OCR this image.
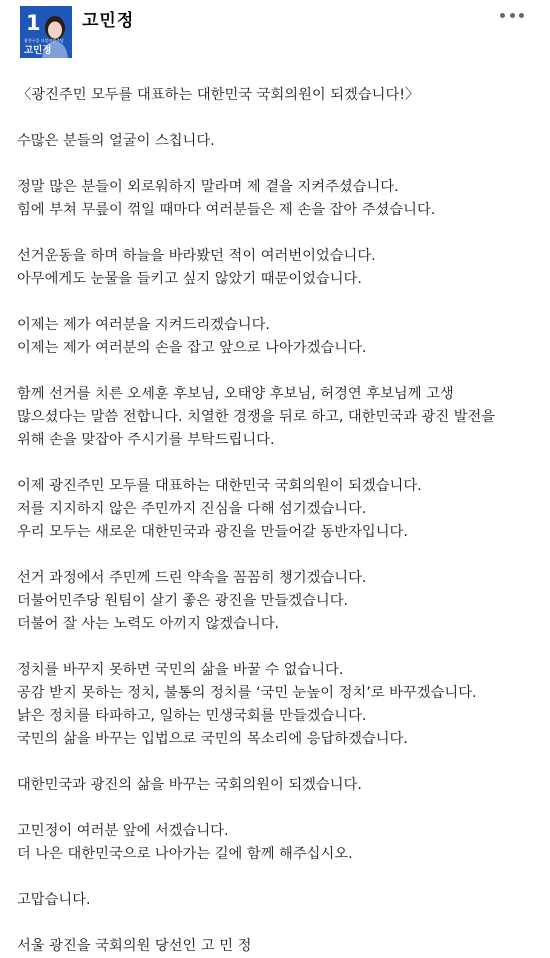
1
광진구을 더불어민주당
고민정
고민정
〈광진주민 모두를 대표하는 대한민국 국회의원이 되겠습니다!〉
수많은 분들의 얼굴이 스칩니다.
정말 많은 분들이 외로워하지 말라며 제 곁을 지켜주셨습니다.
힘에 부쳐 무릎이 꺾일 때마다 여러분들은 제 손을 잡아 주셨습니다.
선거운동을 하며 하늘을 바라봤던 적이 여러번이었습니다.
아무에게도 눈물을 들키고 싶지 않았기 때문이었습니다.
이제는 제가 여러분을 지켜드리겠습니다.
이제는 제가 여러분의 손을 잡고 앞으로 나아가겠습니다.
함께 선거를 치른 오세훈 후보님, 오태양 후보님, 허경연 후보님께 고생
많으셨다는 말씀 전합니다. 치열한 경쟁을 뒤로 하고, 대한민국과 광진 발전을
위해 손을 맞잡아 주시기를 부탁드립니다.
이제 광진주민 모두를 대표하는 대한민국 국회의원이 되겠습니다.
저를 지지하지 않은 주민까지 진심을 다해 섬기겠습니다.
우리 모두는 새로운 대한민국과 광진을 만들어갈 동반자입니다.
선거 과정에서 주민께 드린 약속을 꼼꼼히 챙기겠습니다.
더불어민주당 원팀이 살기 좋은 광진을 만들겠습니다.
더불어 잘 사는 노력도 아끼지 않겠습니다.
정치를 바꾸지 못하면 국민의 삶을 바꿀 수 없습니다.
공감 받지 못하는 정치, 불통의 정치를 ‘국민 눈높이 정치’로 바꾸겠습니다.
낡은 정치를 타파하고, 일하는 민생국회를 만들겠습니다.
국민의 삶을 바꾸는 입법으로 국민의 목소리에 응답하겠습니다.
대한민국과 광진의 삶을 바꾸는 국회의원이 되겠습니다.
고민정이 여러분 앞에 서겠습니다.
더 나은 대한민국으로 나아가는 길에 함께 해주십시오.
고맙습니다.
서울 광진을 국회의원 당선인 고 민 정
